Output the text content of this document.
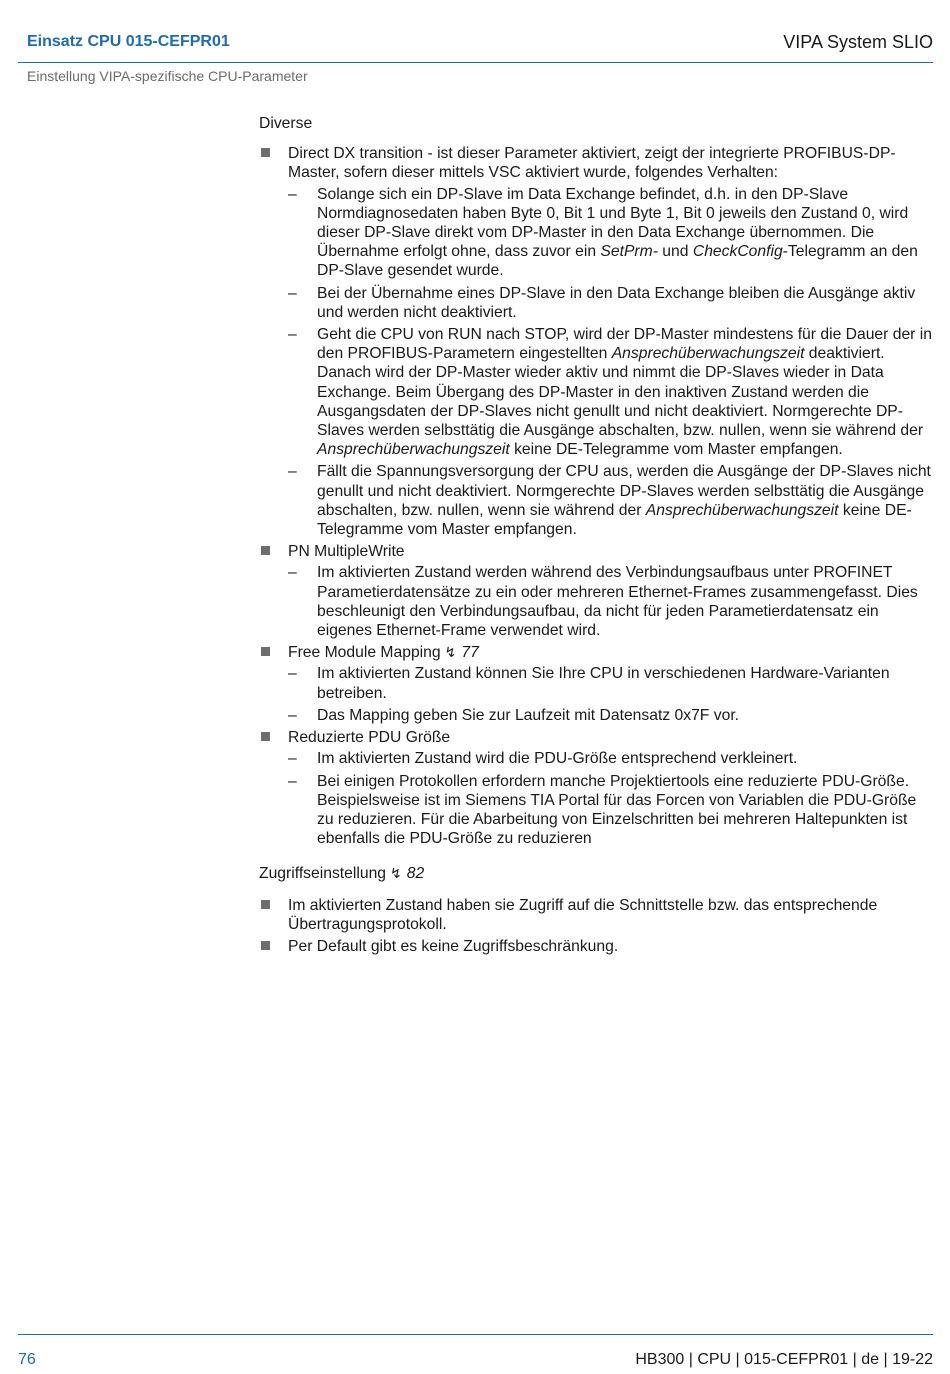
Einsatz CPU 015-CEFPR01	VIPA System SLIO
Einstellung VIPA-spezifische CPU-Parameter
Diverse
Direct DX transition - ist dieser Parameter aktiviert, zeigt der integrierte PROFIBUS-DP-Master, sofern dieser mittels VSC aktiviert wurde, folgendes Verhalten:
– Solange sich ein DP-Slave im Data Exchange befindet, d.h. in den DP-Slave Normdiagnosedaten haben Byte 0, Bit 1 und Byte 1, Bit 0 jeweils den Zustand 0, wird dieser DP-Slave direkt vom DP-Master in den Data Exchange übernommen. Die Übernahme erfolgt ohne, dass zuvor ein SetPrm- und CheckConfig-Telegramm an den DP-Slave gesendet wurde.
– Bei der Übernahme eines DP-Slave in den Data Exchange bleiben die Ausgänge aktiv und werden nicht deaktiviert.
– Geht die CPU von RUN nach STOP, wird der DP-Master mindestens für die Dauer der in den PROFIBUS-Parametern eingestellten Ansprechüberwachungszeit deaktiviert. Danach wird der DP-Master wieder aktiv und nimmt die DP-Slaves wieder in Data Exchange. Beim Übergang des DP-Master in den inaktiven Zustand werden die Ausgangsdaten der DP-Slaves nicht genullt und nicht deaktiviert. Normgerechte DP-Slaves werden selbsttätig die Ausgänge abschalten, bzw. nullen, wenn sie während der Ansprechüberwachungszeit keine DE-Telegramme vom Master empfangen.
– Fällt die Spannungsversorgung der CPU aus, werden die Ausgänge der DP-Slaves nicht genullt und nicht deaktiviert. Normgerechte DP-Slaves werden selbsttätig die Ausgänge abschalten, bzw. nullen, wenn sie während der Ansprechüberwachungszeit keine DE-Telegramme vom Master empfangen.
PN MultipleWrite
– Im aktivierten Zustand werden während des Verbindungsaufbaus unter PROFINET Parametierdatensätze zu ein oder mehreren Ethernet-Frames zusammengefasst. Dies beschleunigt den Verbindungsaufbau, da nicht für jeden Parametierdatensatz ein eigenes Ethernet-Frame verwendet wird.
Free Module Mapping ↯ 77
– Im aktivierten Zustand können Sie Ihre CPU in verschiedenen Hardware-Varianten betreiben.
– Das Mapping geben Sie zur Laufzeit mit Datensatz 0x7F vor.
Reduzierte PDU Größe
– Im aktivierten Zustand wird die PDU-Größe entsprechend verkleinert.
– Bei einigen Protokollen erfordern manche Projektiertools eine reduzierte PDU-Größe. Beispielsweise ist im Siemens TIA Portal für das Forcen von Variablen die PDU-Größe zu reduzieren. Für die Abarbeitung von Einzelschritten bei mehreren Haltepunkten ist ebenfalls die PDU-Größe zu reduzieren
Zugriffseinstellung ↯ 82
Im aktivierten Zustand haben sie Zugriff auf die Schnittstelle bzw. das entsprechende Übertragungsprotokoll.
Per Default gibt es keine Zugriffsbeschränkung.
76	HB300 | CPU | 015-CEFPR01 | de | 19-22
